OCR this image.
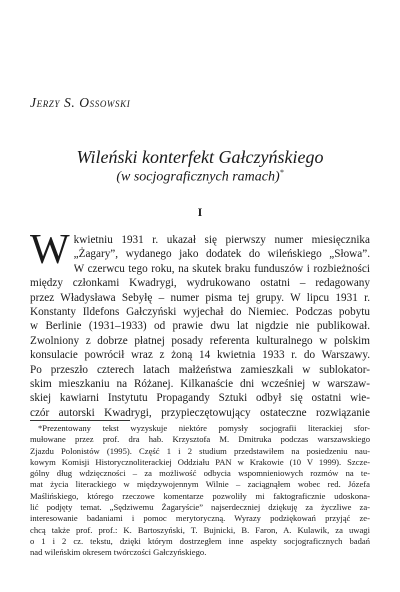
Jerzy S. Ossowski
Wileński konterfekt Gałczyńskiego
(w socjograficznych ramach)*
I
W kwietniu 1931 r. ukazał się pierwszy numer miesięcznika
„Żagary”, wydanego jako dodatek do wileńskiego „Słowa”.
W czerwcu tego roku, na skutek braku funduszów i rozbieżności
między członkami Kwadrygi, wydrukowano ostatni – redagowany
przez Władysława Sebyłę – numer pisma tej grupy. W lipcu 1931 r.
Konstanty Ildefons Gałczyński wyjechał do Niemiec. Podczas pobytu
w Berlinie (1931–1933) od prawie dwu lat nigdzie nie publikował.
Zwolniony z dobrze płatnej posady referenta kulturalnego w polskim
konsulacie powrócił wraz z żoną 14 kwietnia 1933 r. do Warszawy.
Po przeszło czterech latach małżeństwa zamieszkali w sublokator-
skim mieszkaniu na Różanej. Kilkanaście dni wcześniej w warszaw-
skiej kawiarni Instytutu Propagandy Sztuki odbył się ostatni wie-
czór autorski Kwadrygi, przypieczętowujący ostateczne rozwiązanie
*Prezentowany tekst wyzyskuje niektóre pomysły socjografii literackiej sfor-
mułowane przez prof. dra hab. Krzysztofa M. Dmitruka podczas warszawskiego
Zjazdu Polonistów (1995). Część 1 i 2 studium przedstawiłem na posiedzeniu nau-
kowym Komisji Historycznoliterackiej Oddziału PAN w Krakowie (10 V 1999). Szcze-
gólny dług wdzięczności – za możliwość odbycia wspomnieniowych rozmów na te-
mat życia literackiego w międzywojennym Wilnie – zaciągnąłem wobec red. Józefa
Maślińskiego, którego rzeczowe komentarze pozwoliły mi faktograficznie udoskona-
lić podjęty temat. „Sędziwemu Żagaryście” najserdeczniej dziękuję za życzliwe za-
interesowanie badaniami i pomoc merytoryczną. Wyrazy podziękowań przyjąć ze-
chcą także prof. prof.: K. Bartoszyński, T. Bujnicki, B. Faron, A. Kulawik, za uwagi
o 1 i 2 cz. tekstu, dzięki którym dostrzegłem inne aspekty socjograficznych badań
nad wileńskim okresem twórczości Gałczyńskiego.
